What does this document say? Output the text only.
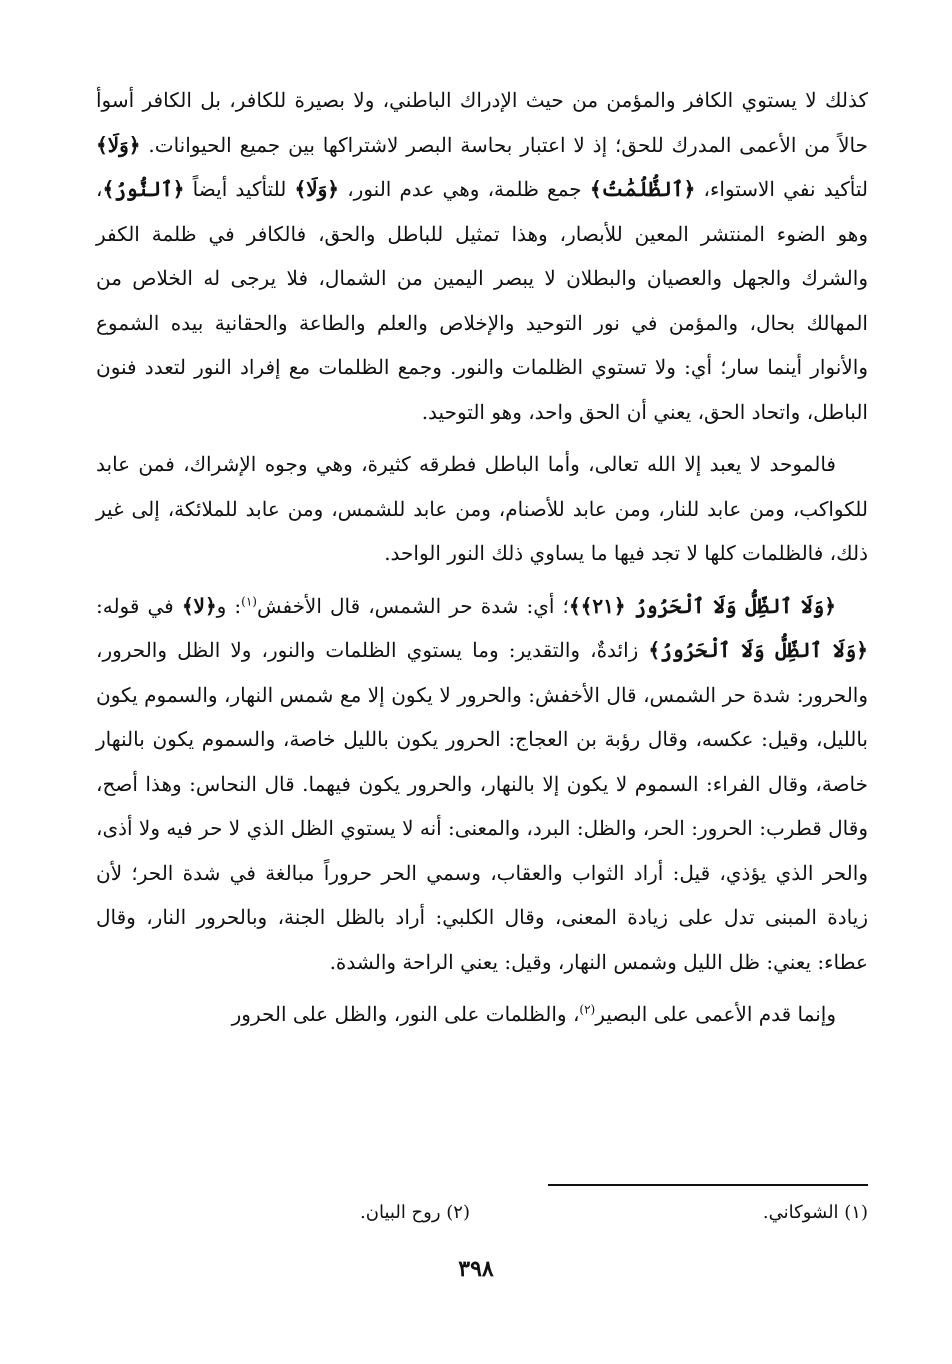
كذلك لا يستوي الكافر والمؤمن من حيث الإدراك الباطني، ولا بصيرة للكافر، بل الكافر أسوأ حالاً من الأعمى المدرك للحق؛ إذ لا اعتبار بحاسة البصر لاشتراكها بين جميع الحيوانات. ﴿وَلَا﴾ لتأكيد نفي الاستواء، ﴿ٱلظُّلُمَٰتُ﴾ جمع ظلمة، وهي عدم النور، ﴿وَلَا﴾ للتأكيد أيضاً ﴿ٱلنُّورُ﴾، وهو الضوء المنتشر المعين للأبصار، وهذا تمثيل للباطل والحق، فالكافر في ظلمة الكفر والشرك والجهل والعصيان والبطلان لا يبصر اليمين من الشمال، فلا يرجى له الخلاص من المهالك بحال، والمؤمن في نور التوحيد والإخلاص والعلم والطاعة والحقانية بيده الشموع والأنوار أينما سار؛ أي: ولا تستوي الظلمات والنور. وجمع الظلمات مع إفراد النور لتعدد فنون الباطل، واتحاد الحق، يعني أن الحق واحد، وهو التوحيد.

فالموحد لا يعبد إلا الله تعالى، وأما الباطل فطرقه كثيرة، وهي وجوه الإشراك، فمن عابد للكواكب، ومن عابد للنار، ومن عابد للأصنام، ومن عابد للشمس، ومن عابد للملائكة، إلى غير ذلك، فالظلمات كلها لا تجد فيها ما يساوي ذلك النور الواحد.

﴿وَلَا ٱلظِّلُّ وَلَا ٱلْحَرُورُ ﴿٢١﴾﴾؛ أي: شدة حر الشمس، قال الأخفش$^{(١)}$: و﴿لا﴾ في قوله: ﴿وَلَا ٱلظِّلُّ وَلَا ٱلْحَرُورُ﴾ زائدةٌ، والتقدير: وما يستوي الظلمات والنور، ولا الظل والحرور، والحرور: شدة حر الشمس، قال الأخفش: والحرور لا يكون إلا مع شمس النهار، والسموم يكون بالليل، وقيل: عكسه، وقال رؤبة بن العجاج: الحرور يكون بالليل خاصة، والسموم يكون بالنهار خاصة، وقال الفراء: السموم لا يكون إلا بالنهار، والحرور يكون فيهما. قال النحاس: وهذا أصح، وقال قطرب: الحرور: الحر، والظل: البرد، والمعنى: أنه لا يستوي الظل الذي لا حر فيه ولا أذى، والحر الذي يؤذي، قيل: أراد الثواب والعقاب، وسمي الحر حروراً مبالغة في شدة الحر؛ لأن زيادة المبنى تدل على زيادة المعنى، وقال الكلبي: أراد بالظل الجنة، وبالحرور النار، وقال عطاء: يعني: ظل الليل وشمس النهار، وقيل: يعني الراحة والشدة.

وإنما قدم الأعمى على البصير$^{(٢)}$، والظلمات على النور، والظل على الحرور

(١) الشوكاني.
(٢) روح البيان.
٣٩٨
